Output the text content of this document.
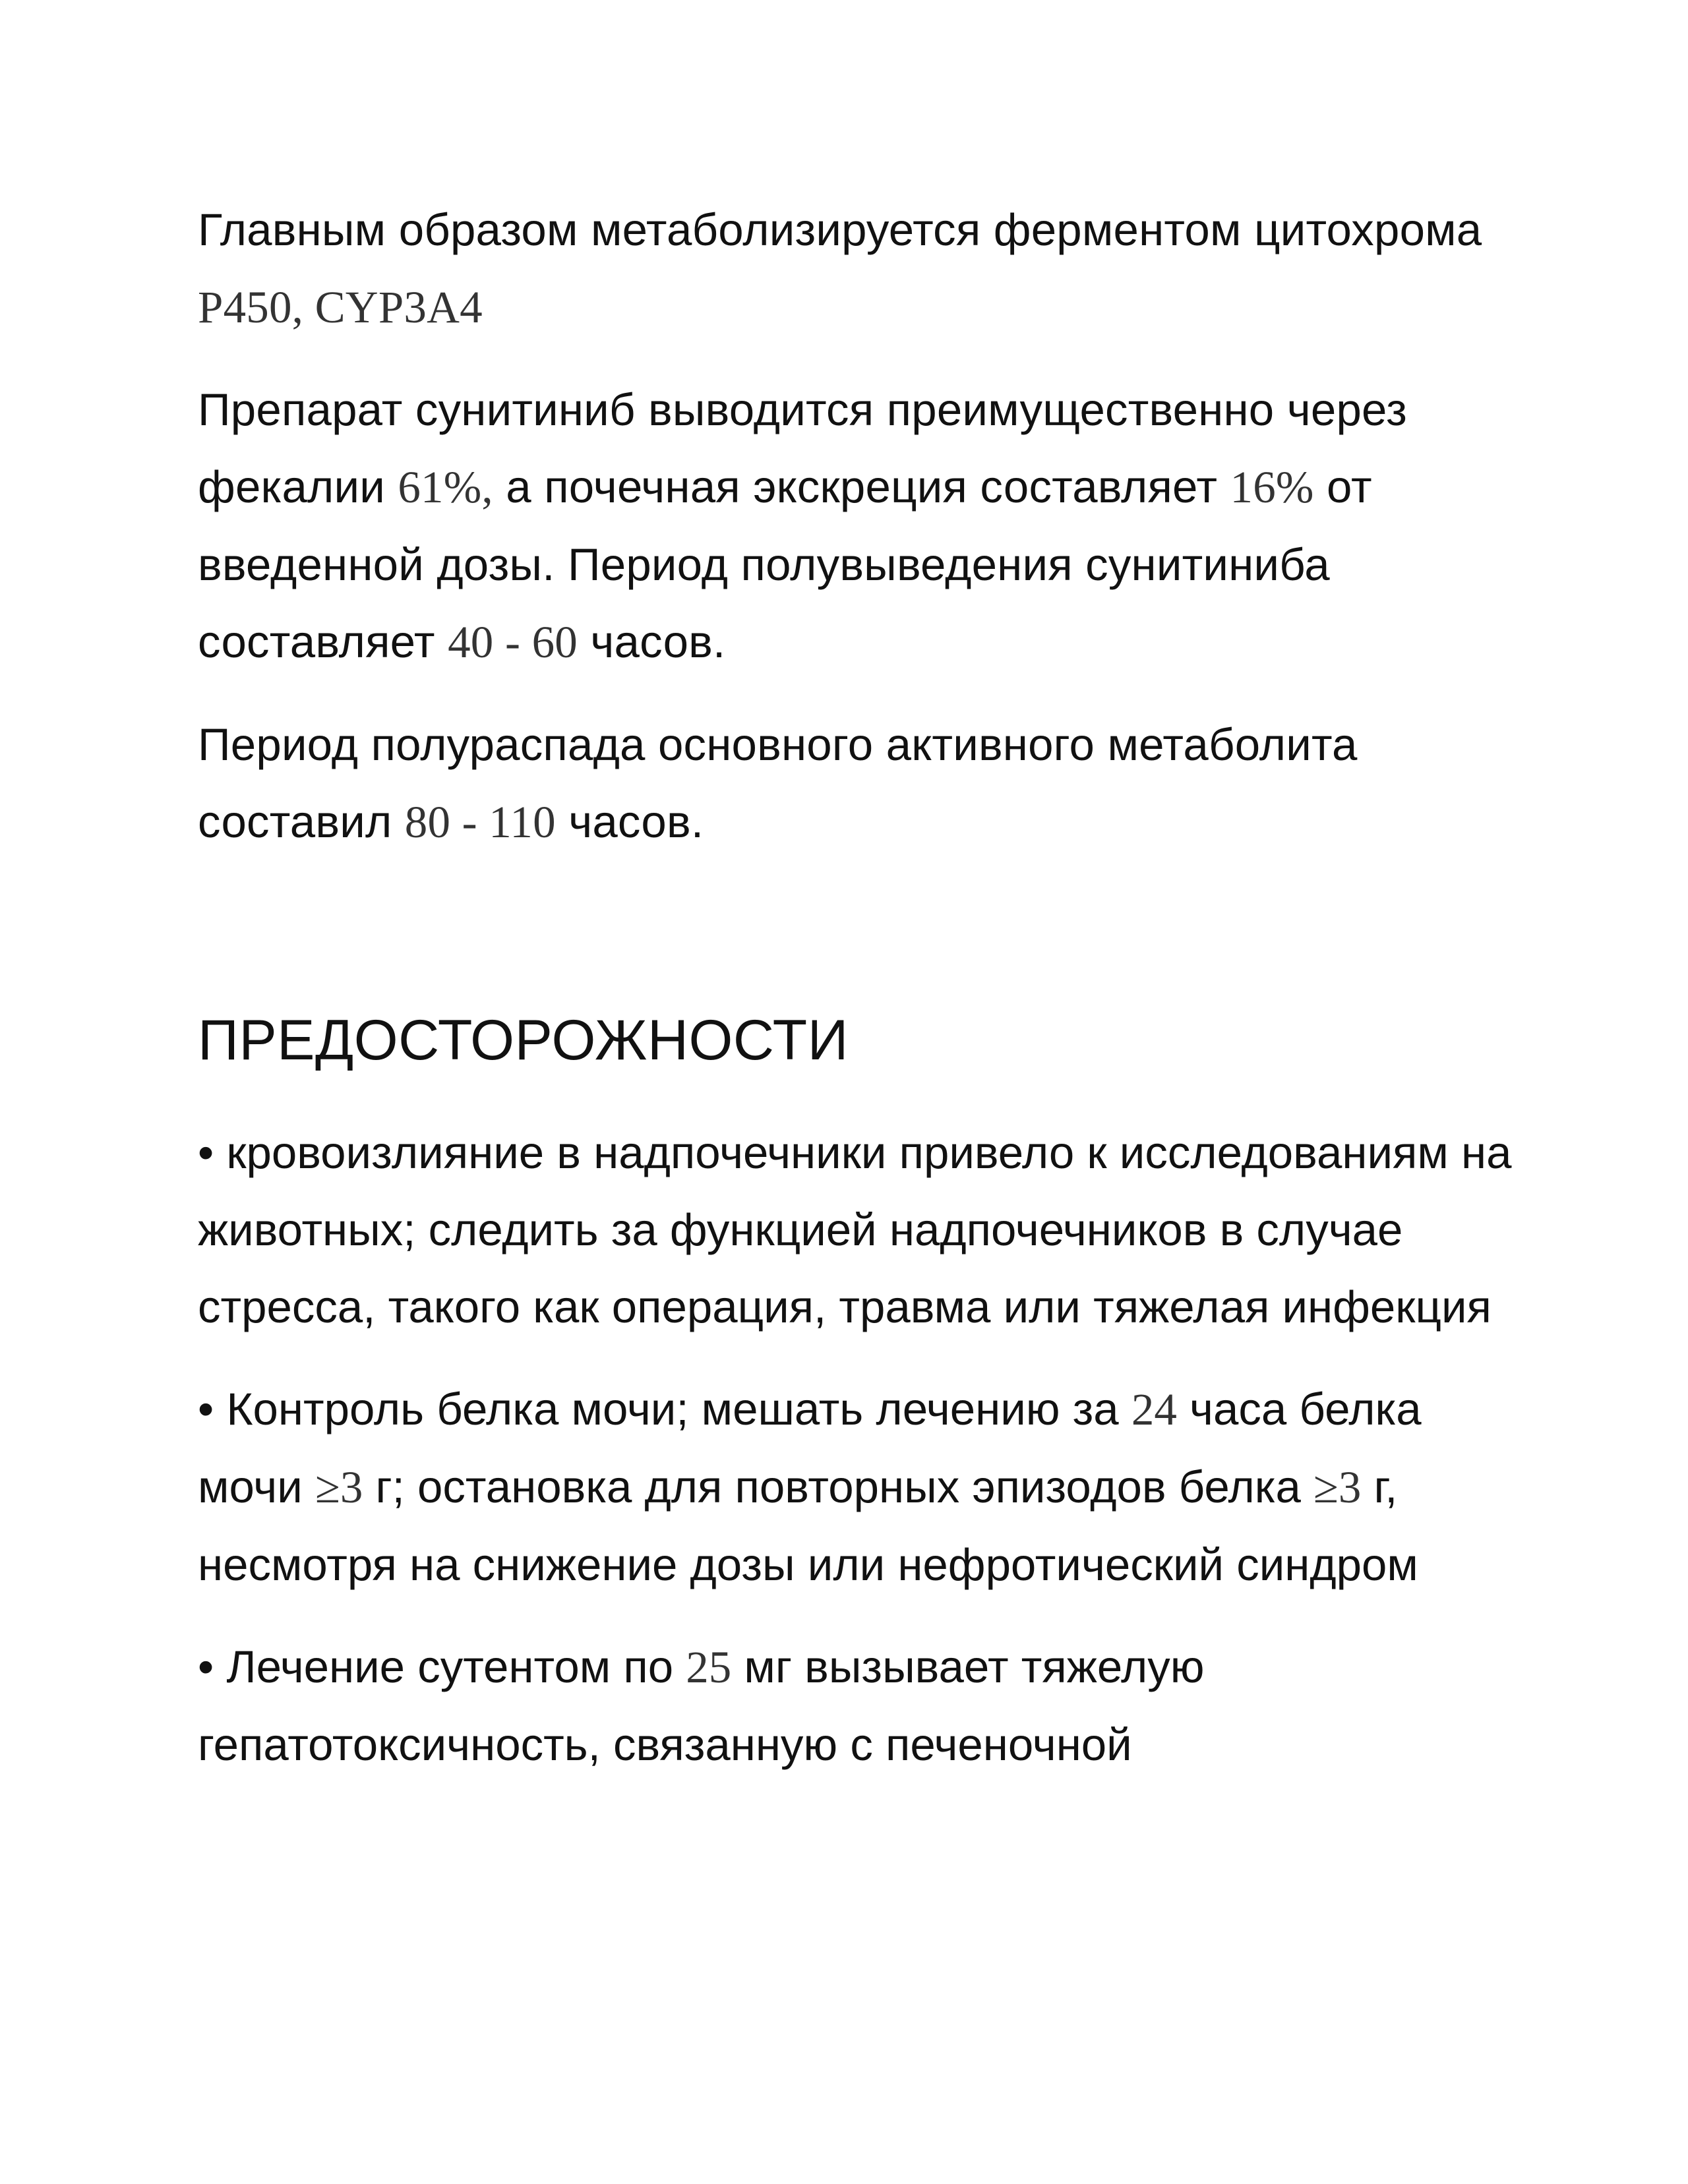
Главным образом метаболизируется ферментом цитохрома P450, CYP3A4

Препарат сунитиниб выводится преимущественно через фекалии 61%, а почечная экскреция составляет 16% от введенной дозы. Период полувыведения сунитиниба составляет 40 - 60 часов.

Период полураспада основного активного метаболита составил 80 - 110 часов.

ПРЕДОСТОРОЖНОСТИ

• кровоизлияние в надпочечники привело к исследованиям на животных; следить за функцией надпочечников в случае стресса, такого как операция, травма или тяжелая инфекция

• Контроль белка мочи; мешать лечению за 24 часа белка мочи ≥3 г; остановка для повторных эпизодов белка ≥3 г, несмотря на снижение дозы или нефротический синдром

• Лечение сутентом по 25 мг вызывает тяжелую гепатотоксичность, связанную с печеночной
